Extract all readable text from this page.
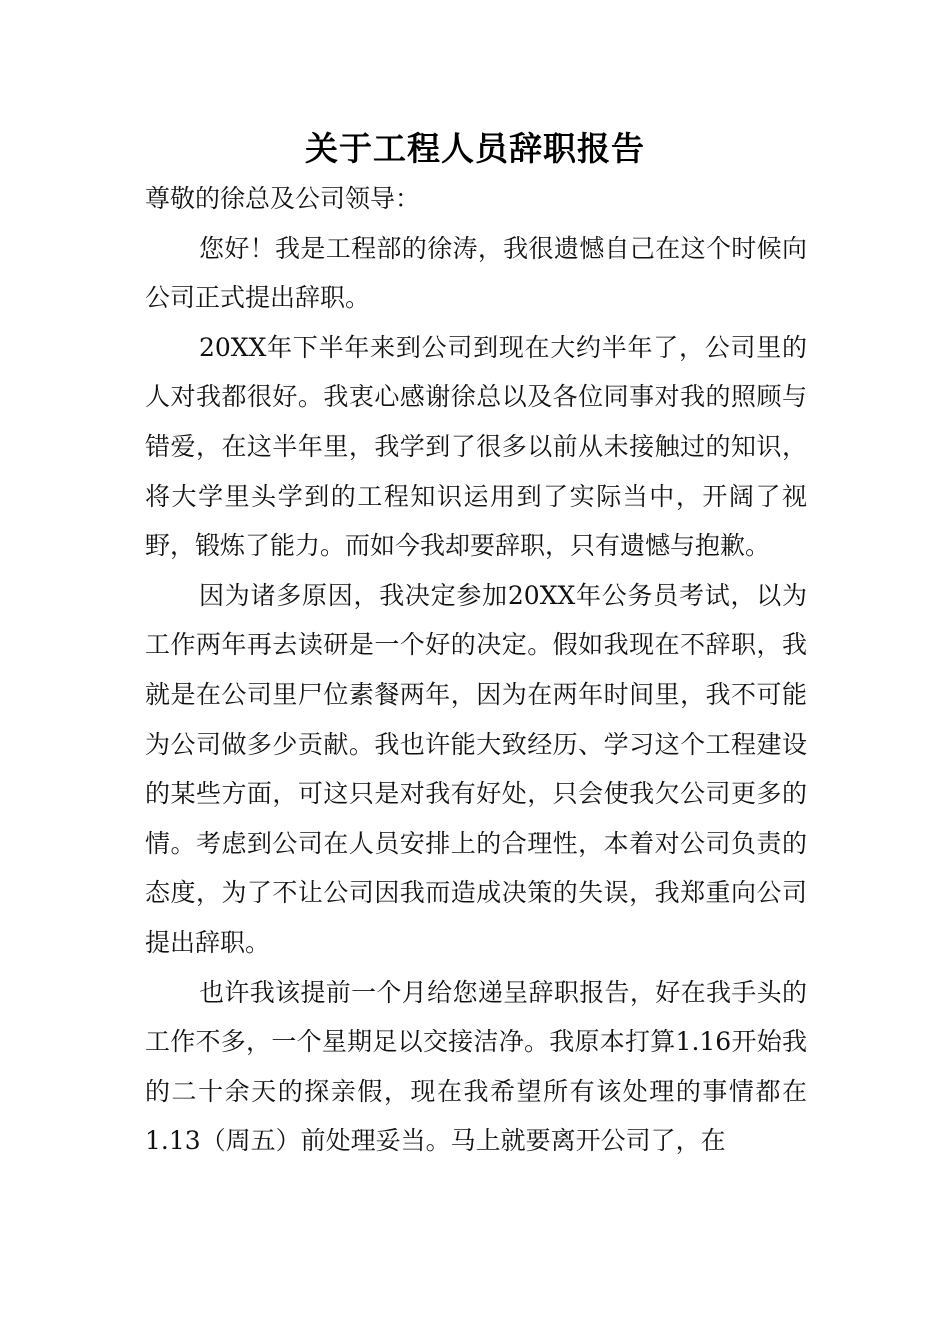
关于工程人员辞职报告

尊敬的徐总及公司领导：

您好！我是工程部的徐涛，我很遗憾自己在这个时候向公司正式提出辞职。

20XX年下半年来到公司到现在大约半年了，公司里的人对我都很好。我衷心感谢徐总以及各位同事对我的照顾与错爱，在这半年里，我学到了很多以前从未接触过的知识，将大学里头学到的工程知识运用到了实际当中，开阔了视野，锻炼了能力。而如今我却要辞职，只有遗憾与抱歉。

因为诸多原因，我决定参加20XX年公务员考试，以为工作两年再去读研是一个好的决定。假如我现在不辞职，我就是在公司里尸位素餐两年，因为在两年时间里，我不可能为公司做多少贡献。我也许能大致经历、学习这个工程建设的某些方面，可这只是对我有好处，只会使我欠公司更多的情。考虑到公司在人员安排上的合理性，本着对公司负责的态度，为了不让公司因我而造成决策的失误，我郑重向公司提出辞职。

也许我该提前一个月给您递呈辞职报告，好在我手头的工作不多，一个星期足以交接洁净。我原本打算1.16开始我的二十余天的探亲假，现在我希望所有该处理的事情都在1.13（周五）前处理妥当。马上就要离开公司了，在
